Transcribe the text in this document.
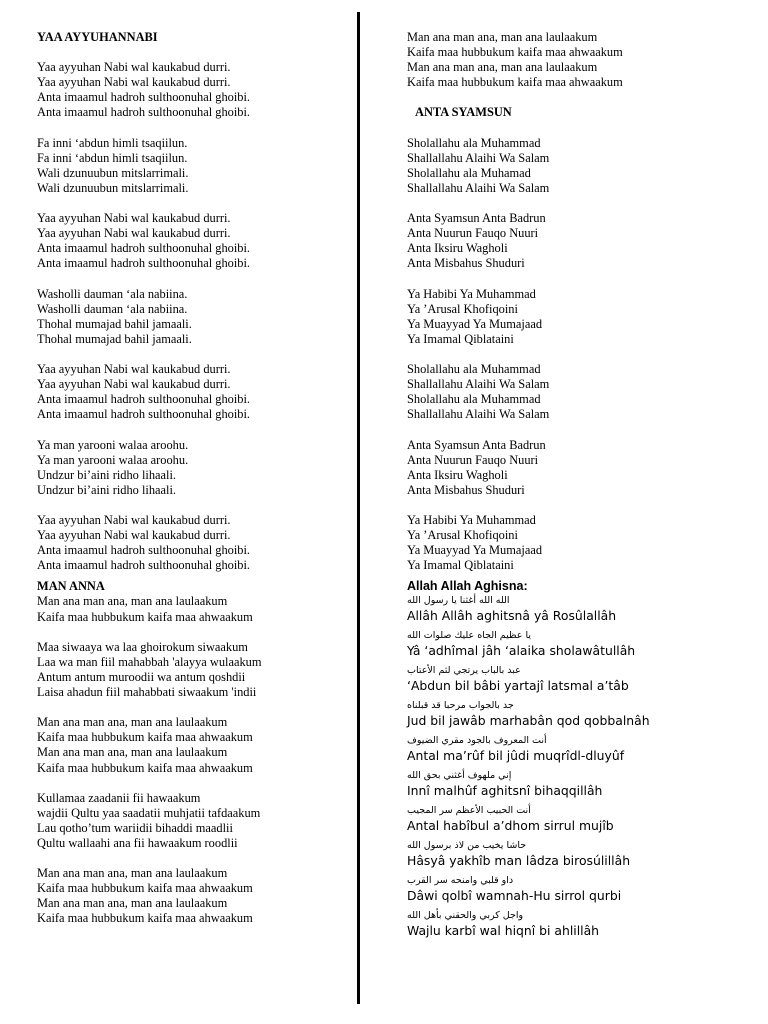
YAA AYYUHANNABI
Yaa ayyuhan Nabi wal kaukabud durri.
Yaa ayyuhan Nabi wal kaukabud durri.
Anta imaamul hadroh sulthoonuhal ghoibi.
Anta imaamul hadroh sulthoonuhal ghoibi.
Fa inni ‘abdun himli tsaqiilun.
Fa inni ‘abdun himli tsaqiilun.
Wali dzunuubun mitslarrimali.
Wali dzunuubun mitslarrimali.
Yaa ayyuhan Nabi wal kaukabud durri.
Yaa ayyuhan Nabi wal kaukabud durri.
Anta imaamul hadroh sulthoonuhal ghoibi.
Anta imaamul hadroh sulthoonuhal ghoibi.
Washolli dauman ‘ala nabiina.
Washolli dauman ‘ala nabiina.
Thohal mumajad bahil jamaali.
Thohal mumajad bahil jamaali.
Yaa ayyuhan Nabi wal kaukabud durri.
Yaa ayyuhan Nabi wal kaukabud durri.
Anta imaamul hadroh sulthoonuhal ghoibi.
Anta imaamul hadroh sulthoonuhal ghoibi.
Ya man yarooni walaa aroohu.
Ya man yarooni walaa aroohu.
Undzur bi’aini ridho lihaali.
Undzur bi’aini ridho lihaali.
Yaa ayyuhan Nabi wal kaukabud durri.
Yaa ayyuhan Nabi wal kaukabud durri.
Anta imaamul hadroh sulthoonuhal ghoibi.
Anta imaamul hadroh sulthoonuhal ghoibi.
MAN ANNA
Man ana man ana, man ana laulaakum
Kaifa maa hubbukum kaifa maa ahwaakum
Maa siwaaya wa laa ghoirokum siwaakum
Laa wa man fiil mahabbah 'alayya wulaakum
Antum antum muroodii wa antum qoshdii
Laisa ahadun fiil mahabbati siwaakum 'indii
Man ana man ana, man ana laulaakum
Kaifa maa hubbukum kaifa maa ahwaakum
Man ana man ana, man ana laulaakum
Kaifa maa hubbukum kaifa maa ahwaakum
Kullamaa zaadanii fii hawaakum
wajdii Qultu yaa saadatii muhjatii tafdaakum
Lau qotho’tum wariidii bihaddi maadlii
Qultu wallaahi ana fii hawaakum roodlii
Man ana man ana, man ana laulaakum
Kaifa maa hubbukum kaifa maa ahwaakum
Man ana man ana, man ana laulaakum
Kaifa maa hubbukum kaifa maa ahwaakum
Man ana man ana, man ana laulaakum
Kaifa maa hubbukum kaifa maa ahwaakum
Man ana man ana, man ana laulaakum
Kaifa maa hubbukum kaifa maa ahwaakum
ANTA SYAMSUN
Sholallahu ala Muhammad
Shallallahu Alaihi Wa Salam
Sholallahu ala Muhamad
Shallallahu Alaihi Wa Salam
Anta Syamsun Anta Badrun
Anta Nuurun Fauqo Nuuri
Anta Iksiru Wagholi
Anta Misbahus Shuduri
Ya Habibi Ya Muhammad
Ya ’Arusal Khofiqoini
Ya Muayyad Ya Mumajaad
Ya Imamal Qiblataini
Sholallahu ala Muhammad
Shallallahu Alaihi Wa Salam
Sholallahu ala Muhammad
Shallallahu Alaihi Wa Salam
Anta Syamsun Anta Badrun
Anta Nuurun Fauqo Nuuri
Anta Iksiru Wagholi
Anta Misbahus Shuduri
Ya Habibi Ya Muhammad
Ya ’Arusal Khofiqoini
Ya Muayyad Ya Mumajaad
Ya Imamal Qiblataini
Allah Allah Aghisna:
الله الله أغثنا يا رسول الله
Allâh Allâh aghitsnâ yâ Rosûlallâh
يا عظيم الجاه عليك صلوات الله
Yâ ‘adhîmal jâh ‘alaika sholawâtullâh
عبد بالباب يرتجي لثم الأعتاب
‘Abdun bil bâbi yartajî latsmal a’tâb
جد بالجواب مرحبا قد قبلناه
Jud bil jawâb marhabân qod qobbalnâh
أنت المعروف بالجود مقري الضيوف
Antal ma’rûf bil jûdi muqrîdl-dluyûf
إني ملهوف أغثني بحق الله
Innî malhûf aghitsnî bihaqqillâh
أنت الحبيب الأعظم سر المجيب
Antal habîbul a’dhom sirrul mujîb
حاشا يخيب من لاذ برسول الله
Hâsyâ yakhîb man lâdza birosúlillâh
داو قلبي وامنحه سر القرب
Dâwi qolbî wamnah-Hu sirrol qurbi
واجل كربي والحقني بأهل الله
Wajlu karbî wal hiqnî bi ahlillâh
